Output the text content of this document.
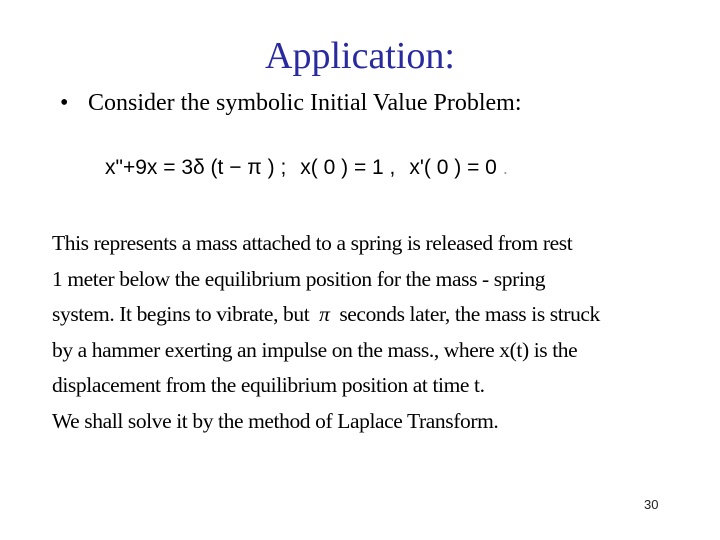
Application:
• Consider the symbolic Initial Value Problem:
x"+9x = 3δ (t − π ) ; x( 0 ) = 1 , x'( 0 ) = 0 .
This represents a mass attached to a spring is released from rest
1 meter below the equilibrium position for the mass - spring
system. It begins to vibrate, but π seconds later, the mass is struck
by a hammer exerting an impulse on the mass., where x(t) is the
displacement from the equilibrium position at time t.
We shall solve it by the method of Laplace Transform.
30
